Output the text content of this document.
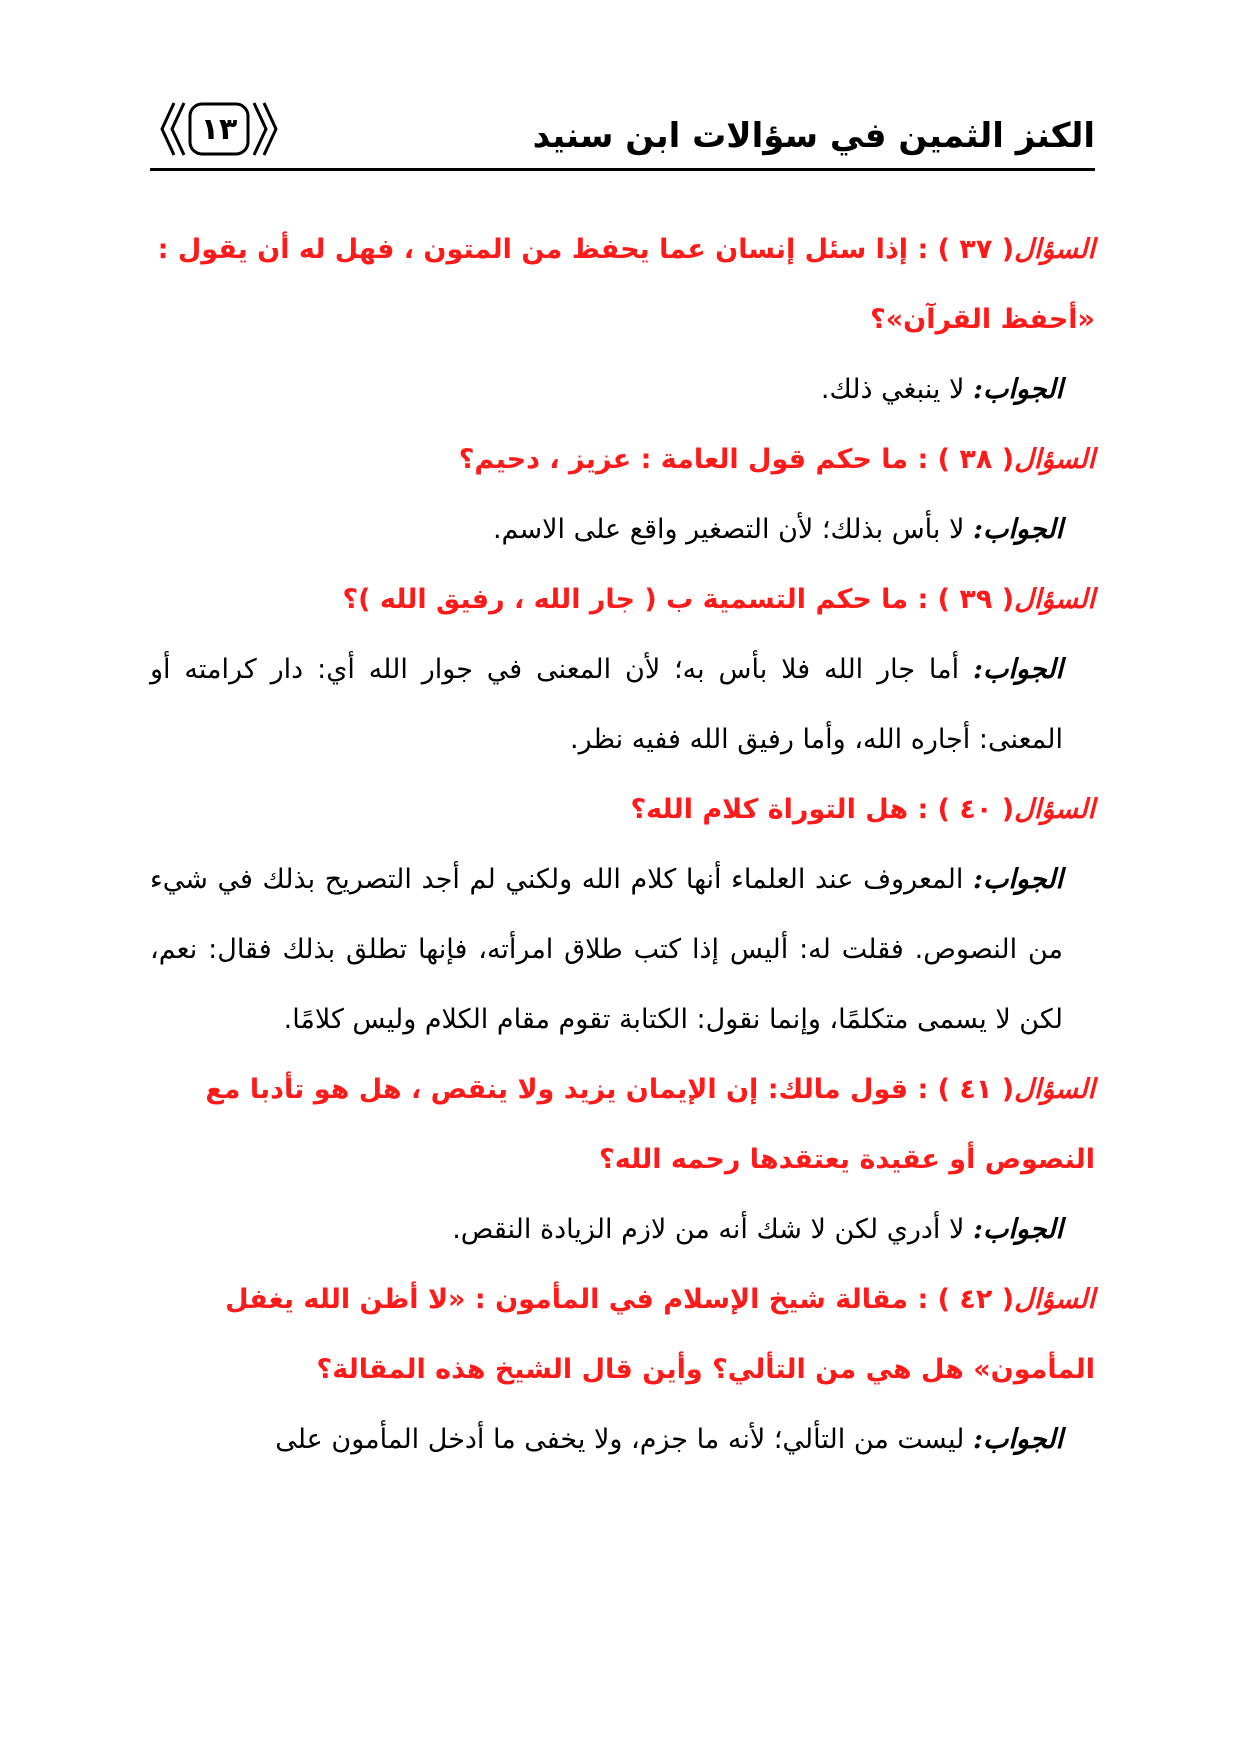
١٣	الكنز الثمين في سؤالات ابن سنيد

السؤال( ٣٧ ) : إذا سئل إنسان عما يحفظ من المتون ، فهل له أن يقول : «أحفظ القرآن»؟

الجواب: لا ينبغي ذلك.

السؤال( ٣٨ ) : ما حكم قول العامة : عزيز ، دحيم؟

الجواب: لا بأس بذلك؛ لأن التصغير واقع على الاسم.

السؤال( ٣٩ ) : ما حكم التسمية ب ( جار الله ، رفيق الله )؟

الجواب: أما جار الله فلا بأس به؛ لأن المعنى في جوار الله أي: دار كرامته أو المعنى: أجاره الله، وأما رفيق الله ففيه نظر.

السؤال( ٤٠ ) : هل التوراة كلام الله؟

الجواب: المعروف عند العلماء أنها كلام الله ولكني لم أجد التصريح بذلك في شيء من النصوص. فقلت له: أليس إذا كتب طلاق امرأته، فإنها تطلق بذلك فقال: نعم، لكن لا يسمى متكلمًا، وإنما نقول: الكتابة تقوم مقام الكلام وليس كلامًا.

السؤال( ٤١ ) : قول مالك: إن الإيمان يزيد ولا ينقص ، هل هو تأدبا مع النصوص أو عقيدة يعتقدها رحمه الله؟

الجواب: لا أدري لكن لا شك أنه من لازم الزيادة النقص.

السؤال( ٤٢ ) : مقالة شيخ الإسلام في المأمون : «لا أظن الله يغفل المأمون» هل هي من التألي؟ وأين قال الشيخ هذه المقالة؟

الجواب: ليست من التألي؛ لأنه ما جزم، ولا يخفى ما أدخل المأمون على
